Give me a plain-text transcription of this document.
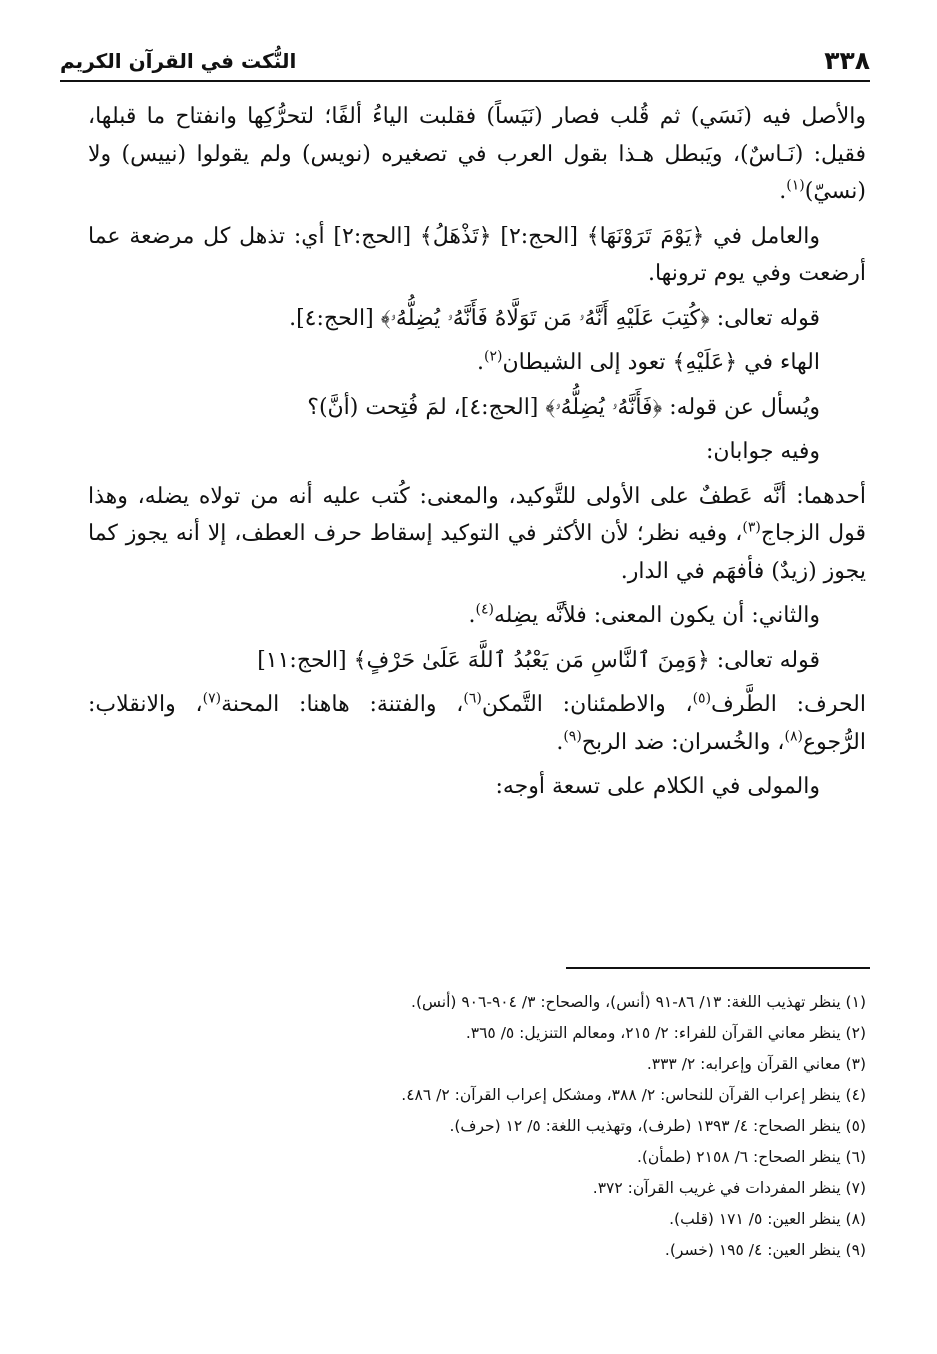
٣٣٨
النُّكت في القرآن الكريم

والأصل فيه (نَسَي) ثم قُلب فصار (نَيَساً) فقلبت الياءُ ألفًا؛ لتحرُّكِها وانفتاح ما قبلها، فقيل: (نَـاسٌ)، ويَبطل هـذا بقول العرب في تصغيره (نويس) ولم يقولوا (نييس) ولا (نسيّ)$^{(١)}$.

والعامل في ﴿يَوْمَ تَرَوْنَهَا﴾ [الحج:٢] ﴿تَذْهَلُ﴾ [الحج:٢] أي: تذهل كل مرضعة عما أرضعت وفي يوم ترونها.

قوله تعالى: ﴿كُتِبَ عَلَيْهِ أَنَّهُۥ مَن تَوَلَّاهُ فَأَنَّهُۥ يُضِلُّهُۥ﴾ [الحج:٤].

الهاء في ﴿عَلَيْهِ﴾ تعود إلى الشيطان$^{(٢)}$.

ويُسأل عن قوله: ﴿فَأَنَّهُۥ يُضِلُّهُۥ﴾ [الحج:٤]، لمَ فُتِحت (أنَّ)؟

وفيه جوابان:

أحدهما: أنَّه عَطفٌ على الأولى للتَّوكيد، والمعنى: كُتب عليه أنه من تولاه يضله، وهذا قول الزجاج$^{(٣)}$، وفيه نظر؛ لأن الأكثر في التوكيد إسقاط حرف العطف، إلا أنه يجوز كما يجوز (زيدٌ) فأفهَم في الدار.

والثاني: أن يكون المعنى: فلأنَّه يضِله$^{(٤)}$.

قوله تعالى: ﴿وَمِنَ ٱلنَّاسِ مَن يَعْبُدُ ٱللَّهَ عَلَىٰ حَرْفٍ﴾ [الحج:١١]

الحرف: الطَّرف$^{(٥)}$، والاطمئنان: التَّمكن$^{(٦)}$، والفتنة: هاهنا: المحنة$^{(٧)}$، والانقلاب: الرُّجوع$^{(٨)}$، والخُسران: ضد الربح$^{(٩)}$.

والمولى في الكلام على تسعة أوجه:

(١) ينظر تهذيب اللغة: ١٣/ ٨٦-٩١ (أنس)، والصحاح: ٣/ ٩٠٤-٩٠٦ (أنس).

(٢) ينظر معاني القرآن للفراء: ٢/ ٢١٥، ومعالم التنزيل: ٥/ ٣٦٥.

(٣) معاني القرآن وإعرابه: ٢/ ٣٣٣.

(٤) ينظر إعراب القرآن للنحاس: ٢/ ٣٨٨، ومشكل إعراب القرآن: ٢/ ٤٨٦.

(٥) ينظر الصحاح: ٤/ ١٣٩٣ (طرف)، وتهذيب اللغة: ٥/ ١٢ (حرف).

(٦) ينظر الصحاح: ٦/ ٢١٥٨ (طمأن).

(٧) ينظر المفردات في غريب القرآن: ٣٧٢.

(٨) ينظر العين: ٥/ ١٧١ (قلب).

(٩) ينظر العين: ٤/ ١٩٥ (خسر).
